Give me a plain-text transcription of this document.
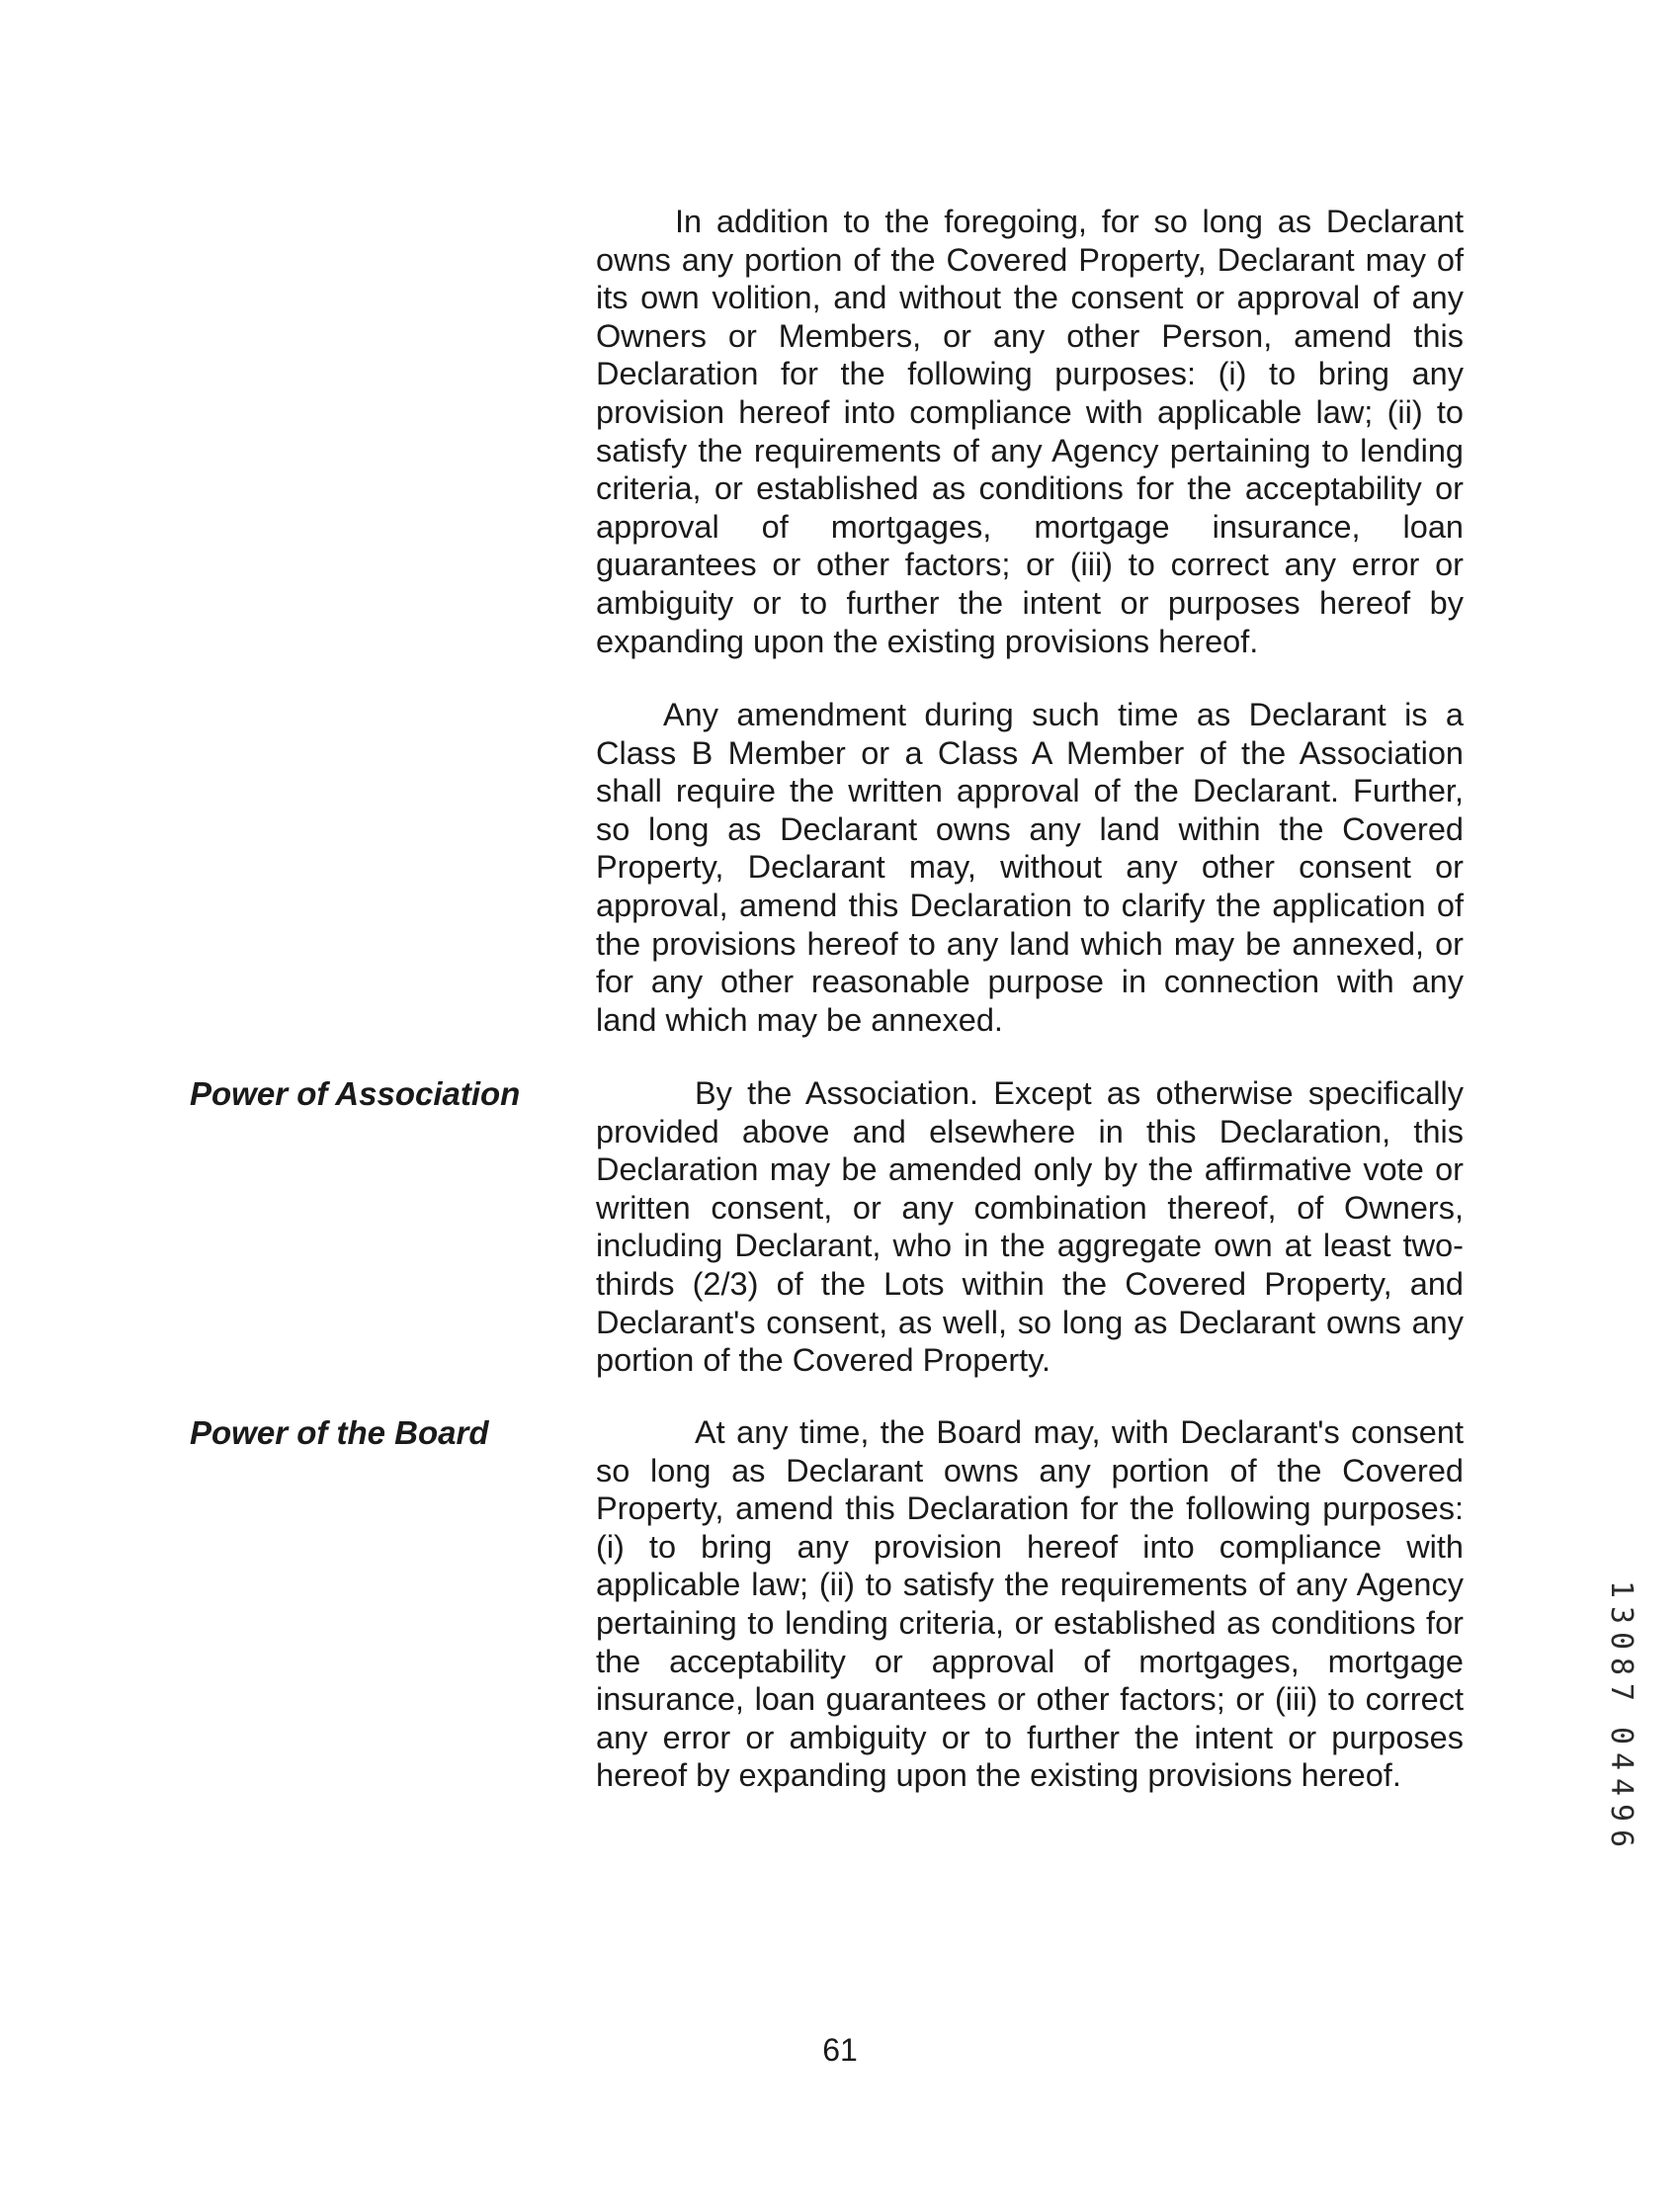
In addition to the foregoing, for so long as Declarant owns any portion of the Covered Property, Declarant may of its own volition, and without the consent or approval of any Owners or Members, or any other Person, amend this Declaration for the following purposes: (i) to bring any provision hereof into compliance with applicable law; (ii) to satisfy the requirements of any Agency pertaining to lending criteria, or established as conditions for the acceptability or approval of mortgages, mortgage insurance, loan guarantees or other factors; or (iii) to correct any error or ambiguity or to further the intent or purposes hereof by expanding upon the existing provisions hereof.

Any amendment during such time as Declarant is a Class B Member or a Class A Member of the Association shall require the written approval of the Declarant. Further, so long as Declarant owns any land within the Covered Property, Declarant may, without any other consent or approval, amend this Declaration to clarify the application of the provisions hereof to any land which may be annexed, or for any other reasonable purpose in connection with any land which may be annexed.

Power of Association	By the Association. Except as otherwise specifically provided above and elsewhere in this Declaration, this Declaration may be amended only by the affirmative vote or written consent, or any combination thereof, of Owners, including Declarant, who in the aggregate own at least two-thirds (2/3) of the Lots within the Covered Property, and Declarant's consent, as well, so long as Declarant owns any portion of the Covered Property.

Power of the Board	At any time, the Board may, with Declarant's consent so long as Declarant owns any portion of the Covered Property, amend this Declaration for the following purposes: (i) to bring any provision hereof into compliance with applicable law; (ii) to satisfy the requirements of any Agency pertaining to lending criteria, or established as conditions for the acceptability or approval of mortgages, mortgage insurance, loan guarantees or other factors; or (iii) to correct any error or ambiguity or to further the intent or purposes hereof by expanding upon the existing provisions hereof.

1
3
0
8
7
0
4
4
9
6

61
